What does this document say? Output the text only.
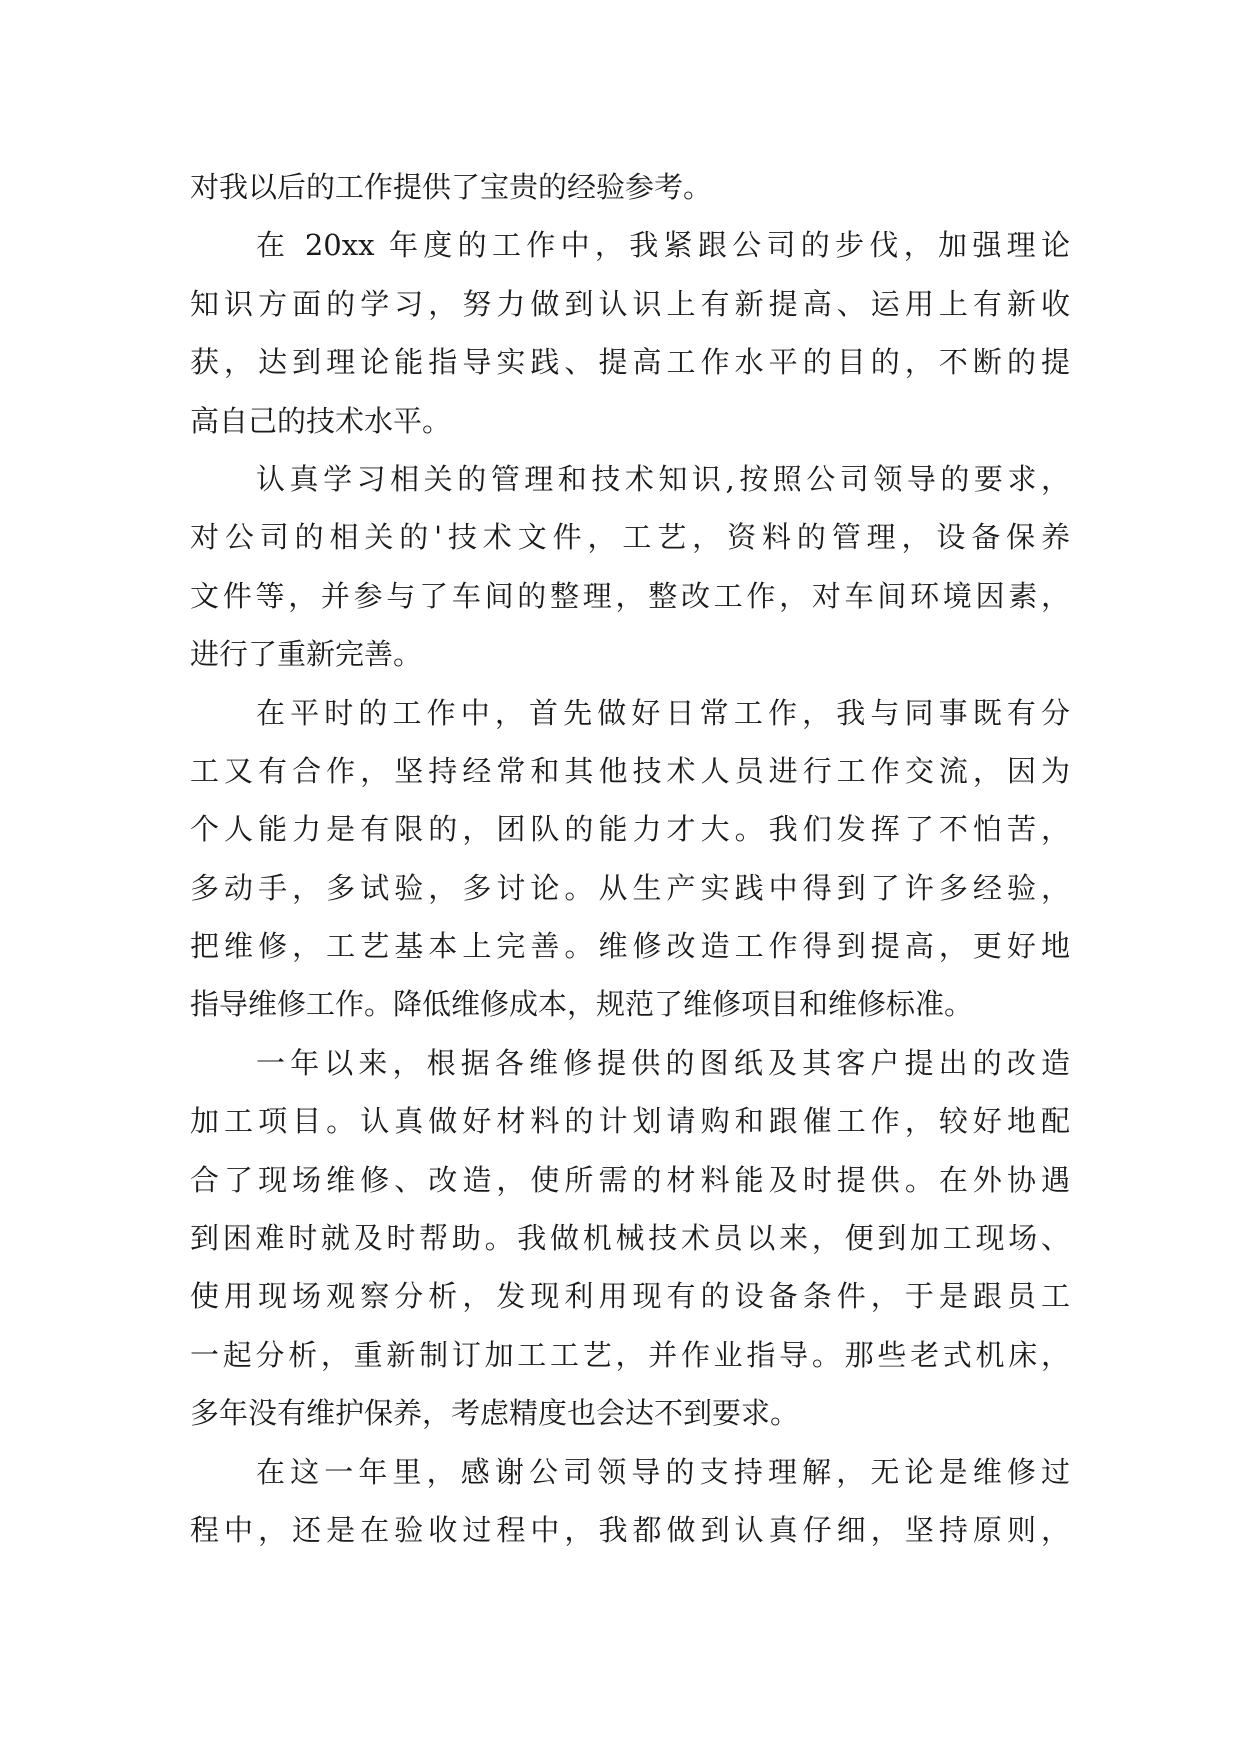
对我以后的工作提供了宝贵的经验参考。
在 20xx 年度的工作中，我紧跟公司的步伐，加强理论
知识方面的学习，努力做到认识上有新提高、运用上有新收
获，达到理论能指导实践、提高工作水平的目的，不断的提
高自己的技术水平。
认真学习相关的管理和技术知识,按照公司领导的要求，
对公司的相关的'技术文件，工艺，资料的管理，设备保养
文件等，并参与了车间的整理，整改工作，对车间环境因素，
进行了重新完善。
在平时的工作中，首先做好日常工作，我与同事既有分
工又有合作，坚持经常和其他技术人员进行工作交流，因为
个人能力是有限的，团队的能力才大。我们发挥了不怕苦，
多动手，多试验，多讨论。从生产实践中得到了许多经验，
把维修，工艺基本上完善。维修改造工作得到提高，更好地
指导维修工作。降低维修成本，规范了维修项目和维修标准。
一年以来，根据各维修提供的图纸及其客户提出的改造
加工项目。认真做好材料的计划请购和跟催工作，较好地配
合了现场维修、改造，使所需的材料能及时提供。在外协遇
到困难时就及时帮助。我做机械技术员以来，便到加工现场、
使用现场观察分析，发现利用现有的设备条件，于是跟员工
一起分析，重新制订加工工艺，并作业指导。那些老式机床，
多年没有维护保养，考虑精度也会达不到要求。
在这一年里，感谢公司领导的支持理解，无论是维修过
程中，还是在验收过程中，我都做到认真仔细，坚持原则，
